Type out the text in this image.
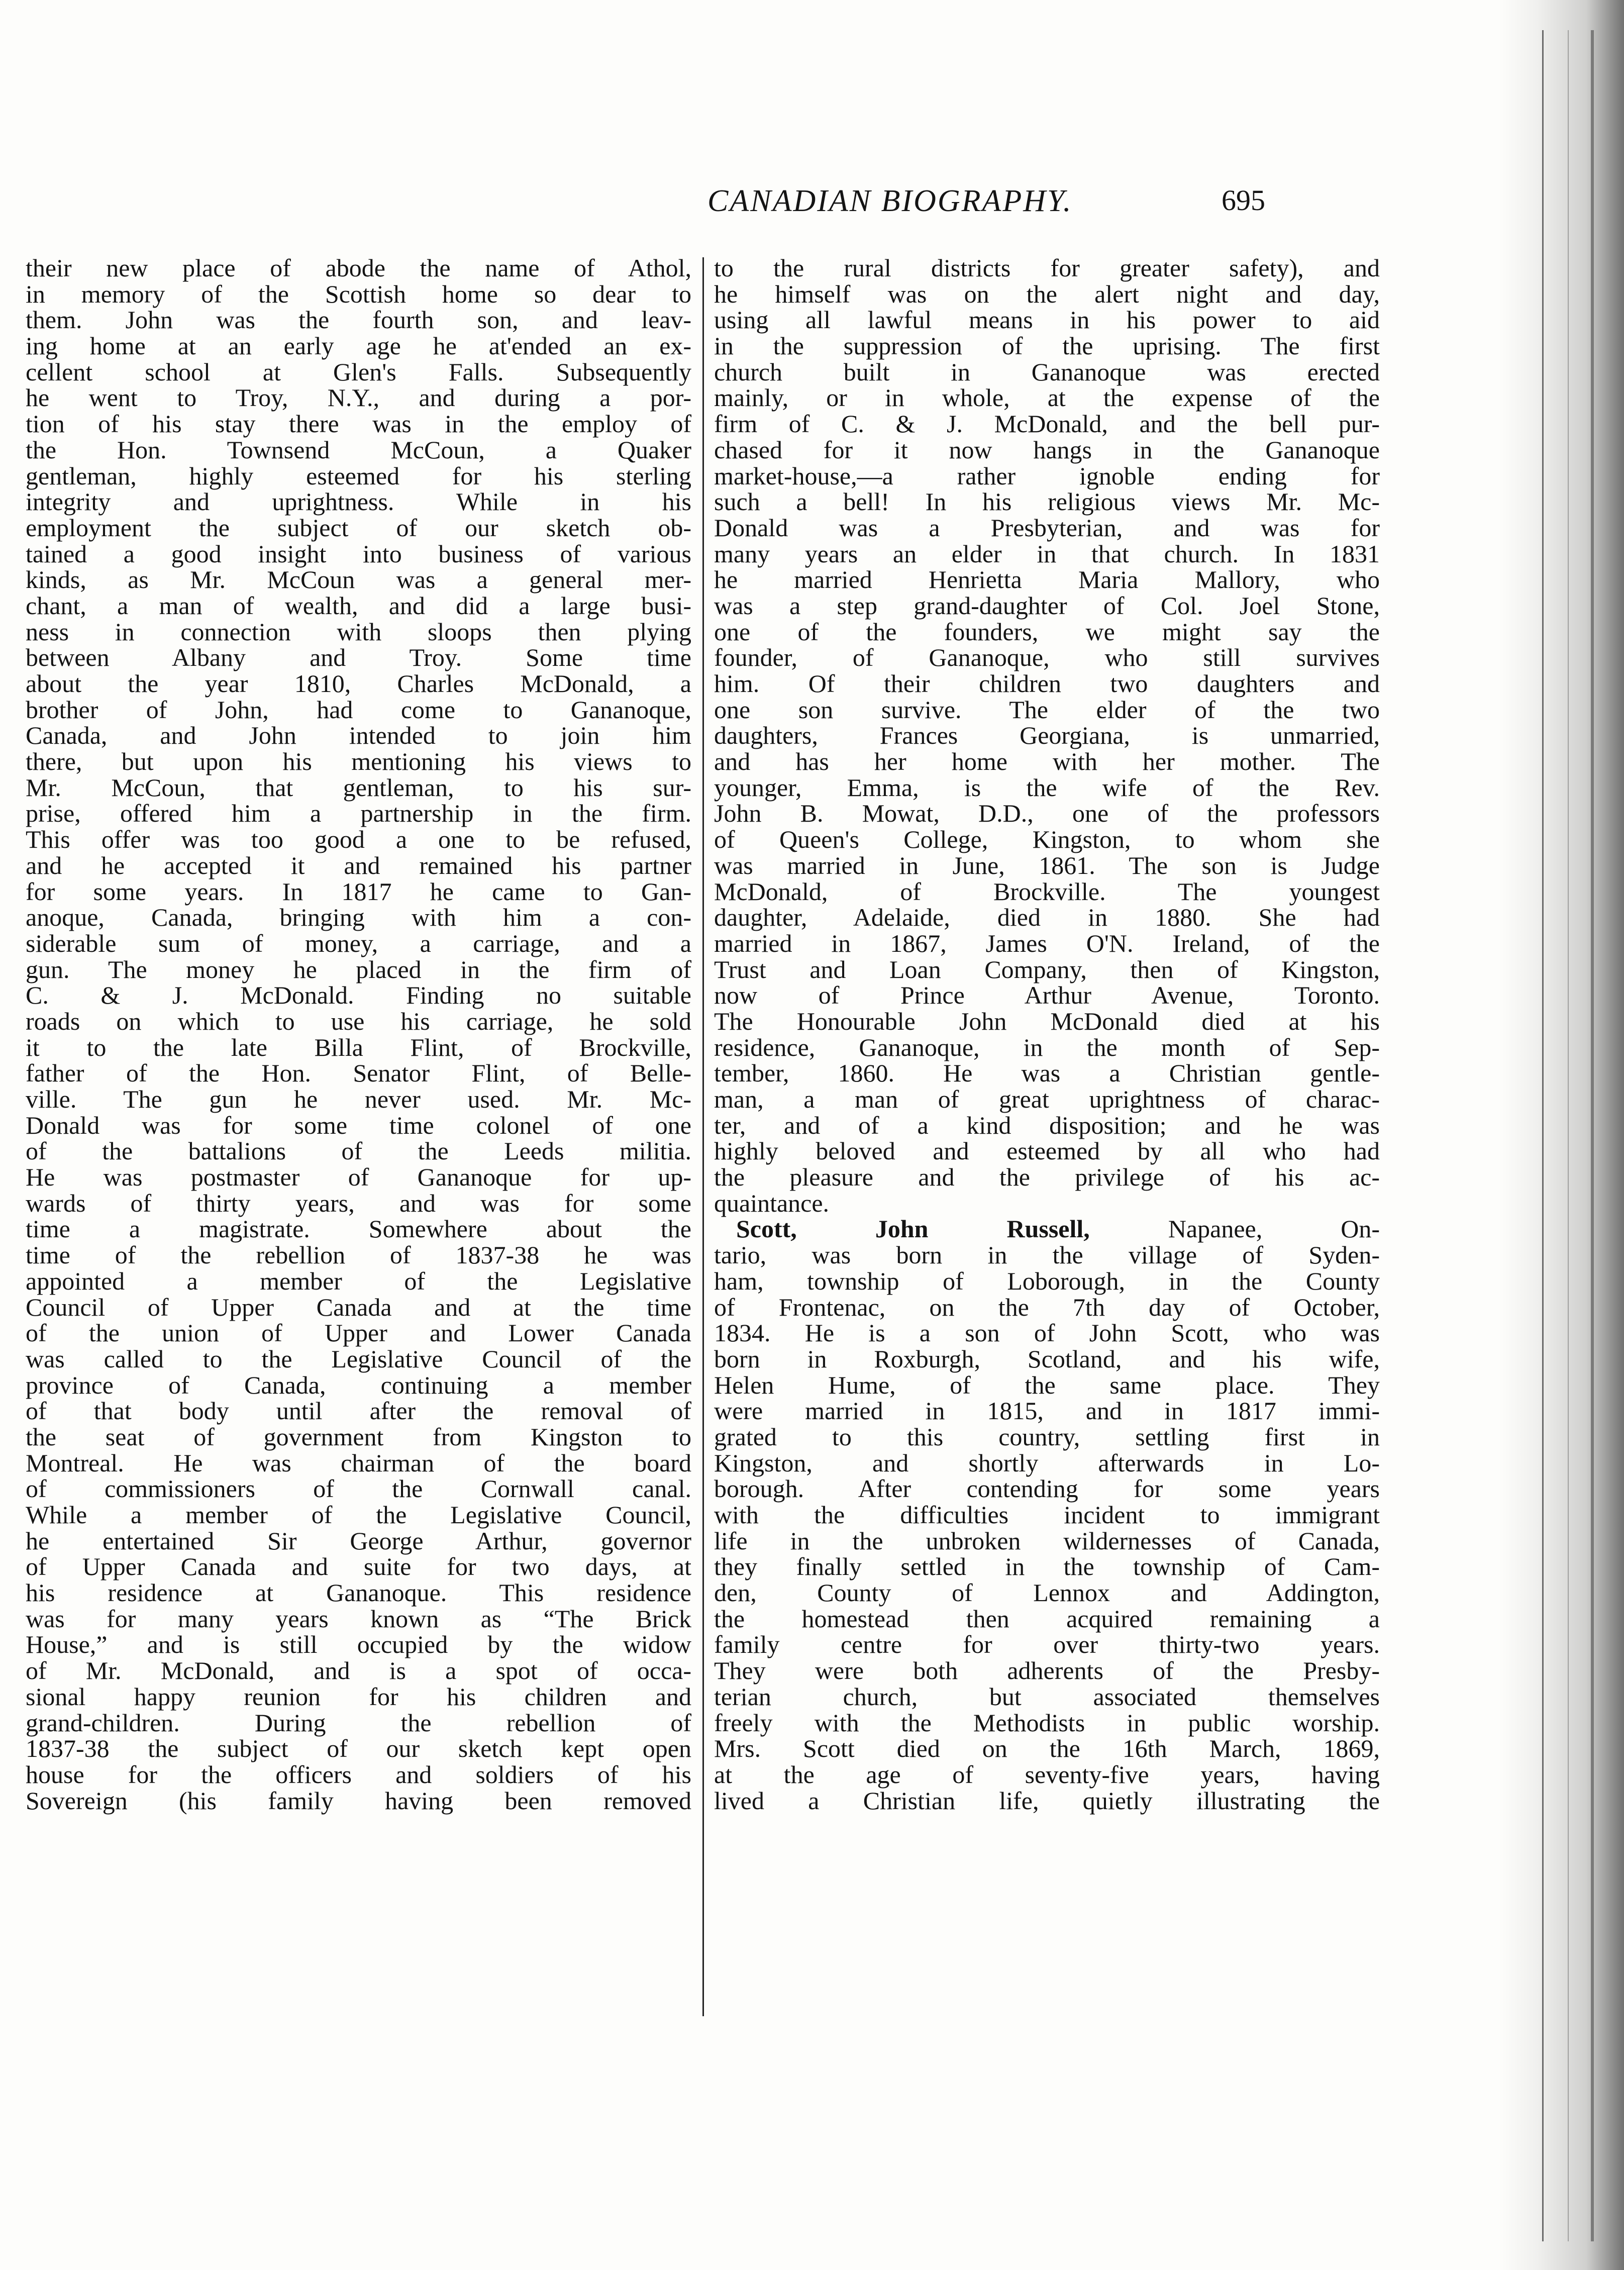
CANADIAN BIOGRAPHY.	695
their new place of abode the name of Athol,
in memory of the Scottish home so dear to
them. John was the fourth son, and leav-
ing home at an early age he at'ended an ex-
cellent school at Glen's Falls. Subsequently
he went to Troy, N.Y., and during a por-
tion of his stay there was in the employ of
the Hon. Townsend McCoun, a Quaker
gentleman, highly esteemed for his sterling
integrity and uprightness. While in his
employment the subject of our sketch ob-
tained a good insight into business of various
kinds, as Mr. McCoun was a general mer-
chant, a man of wealth, and did a large busi-
ness in connection with sloops then plying
between Albany and Troy. Some time
about the year 1810, Charles McDonald, a
brother of John, had come to Gananoque,
Canada, and John intended to join him
there, but upon his mentioning his views to
Mr. McCoun, that gentleman, to his sur-
prise, offered him a partnership in the firm.
This offer was too good a one to be refused,
and he accepted it and remained his partner
for some years. In 1817 he came to Gan-
anoque, Canada, bringing with him a con-
siderable sum of money, a carriage, and a
gun. The money he placed in the firm of
C. & J. McDonald. Finding no suitable
roads on which to use his carriage, he sold
it to the late Billa Flint, of Brockville,
father of the Hon. Senator Flint, of Belle-
ville. The gun he never used. Mr. Mc-
Donald was for some time colonel of one
of the battalions of the Leeds militia.
He was postmaster of Gananoque for up-
wards of thirty years, and was for some
time a magistrate. Somewhere about the
time of the rebellion of 1837-38 he was
appointed a member of the Legislative
Council of Upper Canada and at the time
of the union of Upper and Lower Canada
was called to the Legislative Council of the
province of Canada, continuing a member
of that body until after the removal of
the seat of government from Kingston to
Montreal. He was chairman of the board
of commissioners of the Cornwall canal.
While a member of the Legislative Council,
he entertained Sir George Arthur, governor
of Upper Canada and suite for two days, at
his residence at Gananoque. This residence
was for many years known as “The Brick
House,” and is still occupied by the widow
of Mr. McDonald, and is a spot of occa-
sional happy reunion for his children and
grand-children. During the rebellion of
1837-38 the subject of our sketch kept open
house for the officers and soldiers of his
Sovereign (his family having been removed
to the rural districts for greater safety), and
he himself was on the alert night and day,
using all lawful means in his power to aid
in the suppression of the uprising. The first
church built in Gananoque was erected
mainly, or in whole, at the expense of the
firm of C. & J. McDonald, and the bell pur-
chased for it now hangs in the Gananoque
market-house,—a rather ignoble ending for
such a bell! In his religious views Mr. Mc-
Donald was a Presbyterian, and was for
many years an elder in that church. In 1831
he married Henrietta Maria Mallory, who
was a step grand-daughter of Col. Joel Stone,
one of the founders, we might say the
founder, of Gananoque, who still survives
him. Of their children two daughters and
one son survive. The elder of the two
daughters, Frances Georgiana, is unmarried,
and has her home with her mother. The
younger, Emma, is the wife of the Rev.
John B. Mowat, D.D., one of the professors
of Queen's College, Kingston, to whom she
was married in June, 1861. The son is Judge
McDonald, of Brockville. The youngest
daughter, Adelaide, died in 1880. She had
married in 1867, James O'N. Ireland, of the
Trust and Loan Company, then of Kingston,
now of Prince Arthur Avenue, Toronto.
The Honourable John McDonald died at his
residence, Gananoque, in the month of Sep-
tember, 1860. He was a Christian gentle-
man, a man of great uprightness of charac-
ter, and of a kind disposition; and he was
highly beloved and esteemed by all who had
the pleasure and the privilege of his ac-
quaintance.
Scott, John Russell, Napanee, On-
tario, was born in the village of Syden-
ham, township of Loborough, in the County
of Frontenac, on the 7th day of October,
1834. He is a son of John Scott, who was
born in Roxburgh, Scotland, and his wife,
Helen Hume, of the same place. They
were married in 1815, and in 1817 immi-
grated to this country, settling first in
Kingston, and shortly afterwards in Lo-
borough. After contending for some years
with the difficulties incident to immigrant
life in the unbroken wildernesses of Canada,
they finally settled in the township of Cam-
den, County of Lennox and Addington,
the homestead then acquired remaining a
family centre for over thirty-two years.
They were both adherents of the Presby-
terian church, but associated themselves
freely with the Methodists in public worship.
Mrs. Scott died on the 16th March, 1869,
at the age of seventy-five years, having
lived a Christian life, quietly illustrating the
